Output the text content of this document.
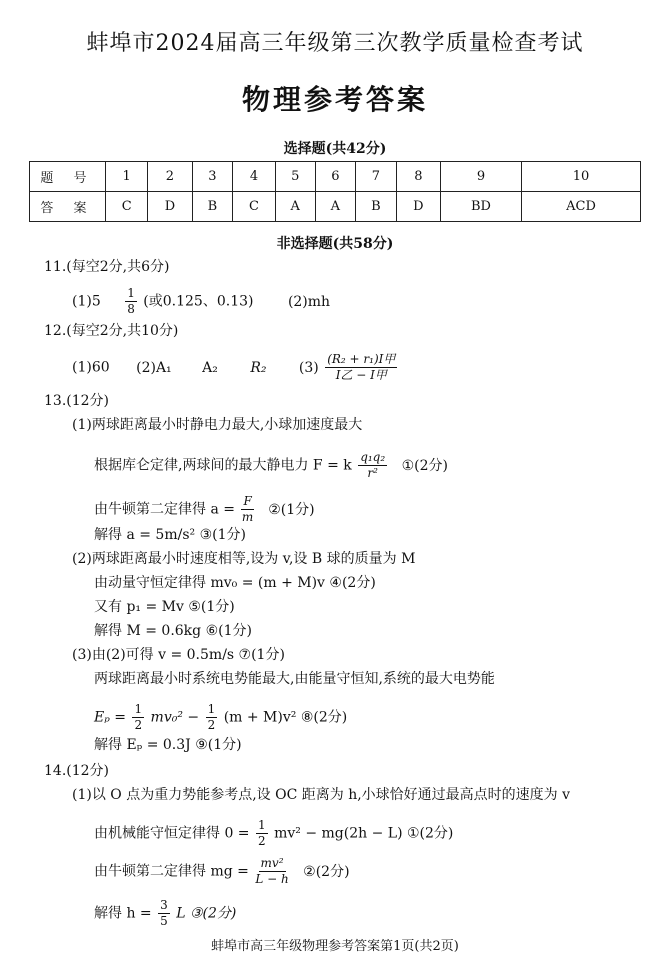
蚌埠市2024届高三年级第三次教学质量检查考试
物理参考答案
选择题(共42分)
题 号	1	2	3	4	5	6	7	8	9	10
答 案	C	D	B	C	A	A	B	D	BD	ACD
非选择题(共58分)
11.(每空2分,共6分)
$(1)5 \frac{1}{8}$ (或0.125、0.13) (2)mh
12.(每空2分,共10分)
(1)60 (2)A₁ A₂ R₂ $(3) \frac{\text{(R₂ + r₁)I甲}}{\text{I乙 − I甲}}$
13.(12分)
(1)两球距离最小时静电力最大,小球加速度最大
根据库仑定律,两球间的最大静电力 F = k $\frac{\text{q₁q₂}}{\text{r²}}$ ①(2分)
由牛顿第二定律得 $a = \frac{F}{m}$ ②(1分)
解得 a = 5m/s² ③(1分)
(2)两球距离最小时速度相等,设为 v,设 B 球的质量为 M
由动量守恒定律得 mv₀ = (m + M)v ④(2分)
又有 p₁ = Mv ⑤(1分)
解得 M = 0.6kg ⑥(1分)
(3)由(2)可得 v = 0.5m/s ⑦(1分)
两球距离最小时系统电势能最大,由能量守恒知,系统的最大电势能
$E_p = \frac{1}{2} mv_0^2 - \frac{1}{2} (m + M)v^2$ ⑧(2分)
解得 Eₚ = 0.3J ⑨(1分)
14.(12分)
(1)以 O 点为重力势能参考点,设 OC 距离为 h,小球恰好通过最高点时的速度为 v
由机械能守恒定律得 $0 = \frac{1}{2} mv^2 - mg(2h - L)$ ①(2分)
由牛顿第二定律得 mg = $\frac{\text{mv²}}{L - h}$ ②(2分)
解得 $h = \frac{3}{5}$ L ③(2分)
蚌埠市高三年级物理参考答案第1页(共2页)
